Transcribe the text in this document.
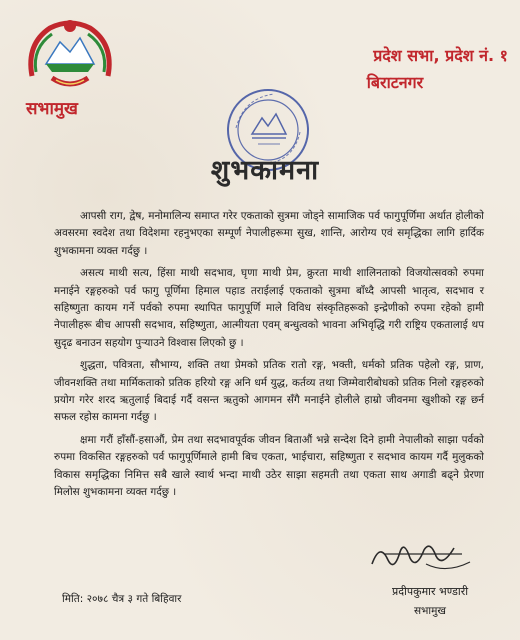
सभामुख
प्रदेश सभा, प्रदेश नं. १
बिराटनगर
शुभकामना

आपसी राग, द्वेष, मनोमालिन्य समाप्त गरेर एकताको सुत्रमा जोड्ने सामाजिक पर्व फागुपूर्णिमा अर्थात होलीको अवसरमा स्वदेश तथा विदेशमा रहनुभएका सम्पूर्ण नेपालीहरूमा सुख, शान्ति, आरोग्य एवं समृद्धिका लागि हार्दिक शुभकामना व्यक्त गर्दछु ।

असत्य माथी सत्य, हिंसा माथी सदभाव, घृणा माथी प्रेम, क्रुरता माथी शालिनताको विजयोत्सवको रुपमा मनाईने रङ्गहरुको पर्व फागु पूर्णिमा हिमाल पहाड तराईलाई एकताको सुत्रमा बाँध्दै आपसी भातृत्व, सदभाव र सहिष्णुता कायम गर्ने पर्वको रुपमा स्थापित फागुपूर्णि माले विविध संस्कृतिहरूको इन्द्रेणीको रुपमा रहेको हामी नेपालीहरू बीच आपसी सदभाव, सहिष्णुता, आत्मीयता एवम् बन्धुत्वको भावना अभिवृद्धि गरी राष्ट्रिय एकतालाई थप सुदृढ बनाउन सहयोग पुऱ्याउने विश्वास लिएको छु ।

शुद्धता, पवित्रता, सौभाग्य, शक्ति तथा प्रेमको प्रतिक रातो रङ्ग, भक्ती, धर्मको प्रतिक पहेलो रङ्ग, प्राण, जीवनशक्ति तथा मार्मिकताको प्रतिक हरियो रङ्ग अनि धर्म युद्ध, कर्तव्य तथा जिम्मेवारीबोधको प्रतिक निलो रङ्गहरुको प्रयोग गरेर शरद ऋतुलाई बिदाई गर्दै वसन्त ऋतुको आगमन सँगै मनाईने होलीले हाम्रो जीवनमा खुशीको रङ्ग छर्न सफल रहोस कामना गर्दछु ।

क्षमा गरौं हाँसौं-हसाऔं, प्रेम तथा सदभावपूर्वक जीवन बिताऔं भन्ने सन्देश दिने हामी नेपालीको साझा पर्वको रुपमा विकसित रङ्गहरुको पर्व फागुपूर्णिमाले हामी बिच एकता, भाईचारा, सहिष्णुता र सदभाव कायम गर्दै मुलुकको विकास समृद्धिका निमित्त सबै खाले स्वार्थ भन्दा माथी उठेर साझा सहमती तथा एकता साथ अगाडी बढ्ने प्रेरणा मिलोस शुभकामना व्यक्त गर्दछु ।

प्रदीपकुमार भण्डारी
सभामुख
मिति: २०७८ चैत्र ३ गते बिहिवार
